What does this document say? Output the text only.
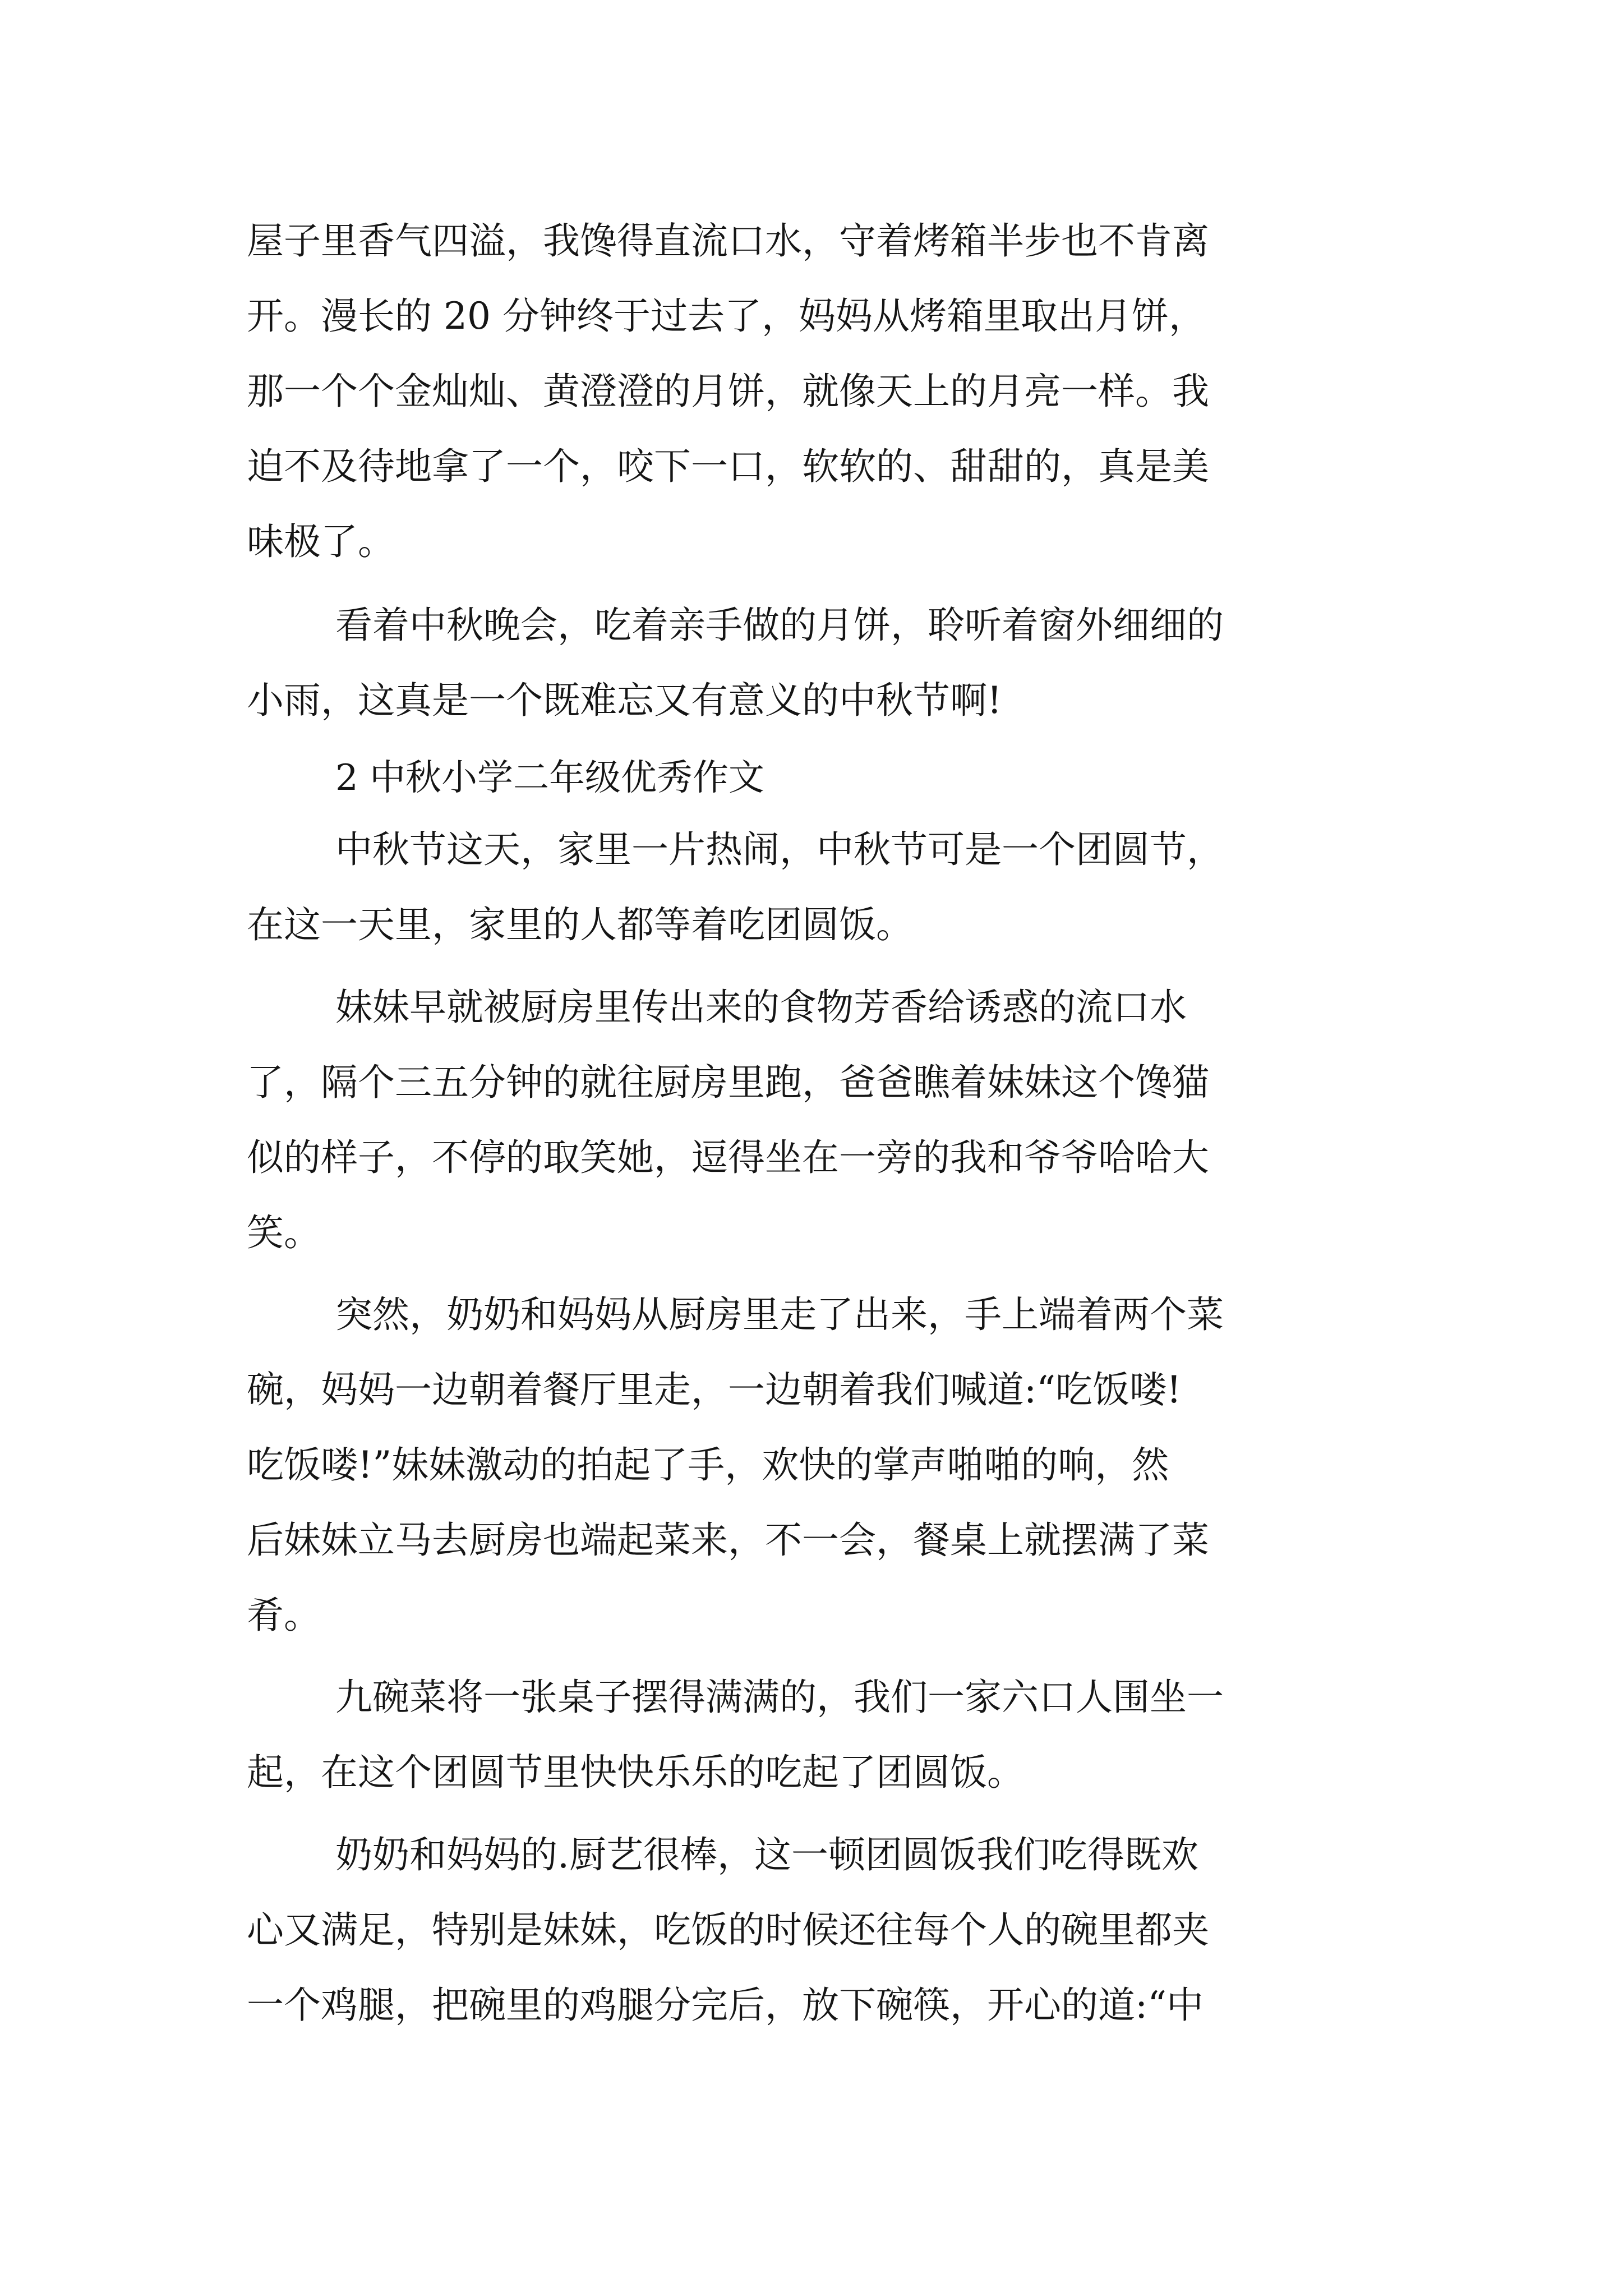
屋子里香气四溢，我馋得直流口水，守着烤箱半步也不肯离

开。漫长的 20 分钟终于过去了，妈妈从烤箱里取出月饼，

那一个个金灿灿、黄澄澄的月饼，就像天上的月亮一样。我

迫不及待地拿了一个，咬下一口，软软的、甜甜的，真是美

味极了。

看着中秋晚会，吃着亲手做的月饼，聆听着窗外细细的

小雨，这真是一个既难忘又有意义的中秋节啊!

2 中秋小学二年级优秀作文

中秋节这天，家里一片热闹，中秋节可是一个团圆节，

在这一天里，家里的人都等着吃团圆饭。

妹妹早就被厨房里传出来的食物芳香给诱惑的流口水

了，隔个三五分钟的就往厨房里跑，爸爸瞧着妹妹这个馋猫

似的样子，不停的取笑她，逗得坐在一旁的我和爷爷哈哈大

笑。

突然，奶奶和妈妈从厨房里走了出来，手上端着两个菜

碗，妈妈一边朝着餐厅里走，一边朝着我们喊道:“吃饭喽!

吃饭喽!”妹妹激动的拍起了手，欢快的掌声啪啪的响，然

后妹妹立马去厨房也端起菜来，不一会，餐桌上就摆满了菜

肴。

九碗菜将一张桌子摆得满满的，我们一家六口人围坐一

起，在这个团圆节里快快乐乐的吃起了团圆饭。

奶奶和妈妈的.厨艺很棒，这一顿团圆饭我们吃得既欢

心又满足，特别是妹妹，吃饭的时候还往每个人的碗里都夹

一个鸡腿，把碗里的鸡腿分完后，放下碗筷，开心的道:“中
